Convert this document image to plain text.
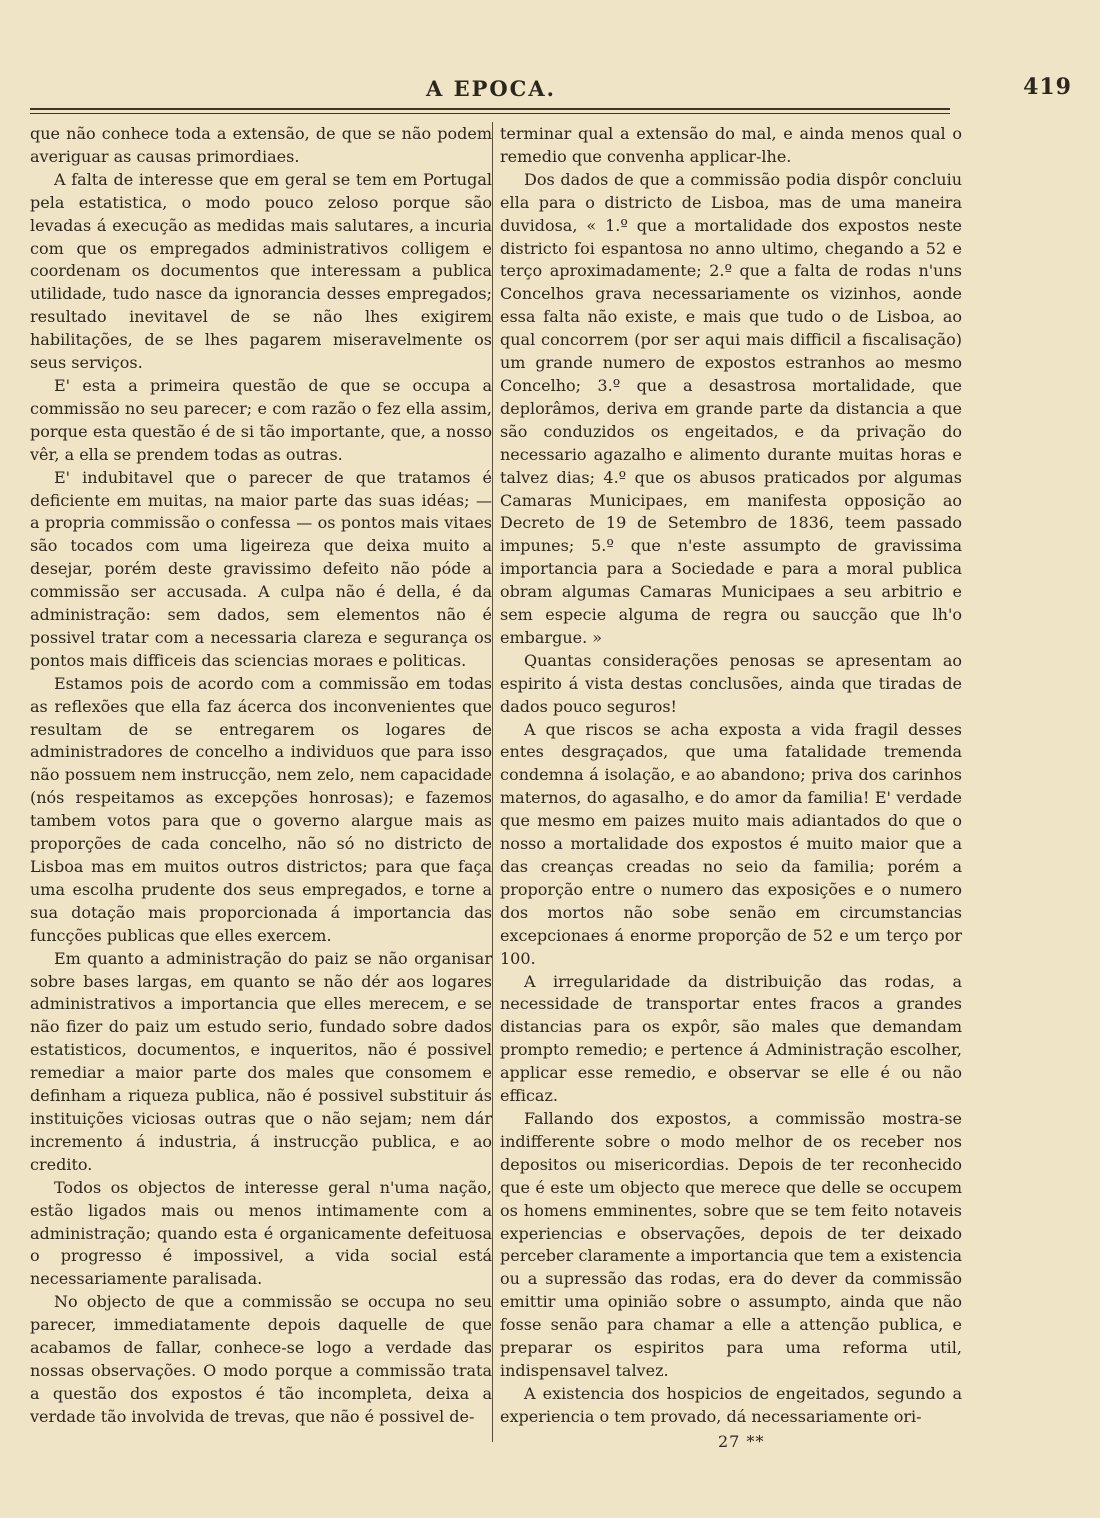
A EPOCA.	419

que não conhece toda a extensão, de que se não podem averiguar as causas primordiaes.

A falta de interesse que em geral se tem em Portugal pela estatistica, o modo pouco zeloso porque são levadas á execução as medidas mais salutares, a incuria com que os empregados administrativos colligem e coordenam os documentos que interessam a publica utilidade, tudo nasce da ignorancia desses empregados; resultado inevitavel de se não lhes exigirem habilitações, de se lhes pagarem miseravelmente os seus serviços.

E' esta a primeira questão de que se occupa a commissão no seu parecer; e com razão o fez ella assim, porque esta questão é de si tão importante, que, a nosso vêr, a ella se prendem todas as outras.

E' indubitavel que o parecer de que tratamos é deficiente em muitas, na maior parte das suas idéas; — a propria commissão o confessa — os pontos mais vitaes são tocados com uma ligeireza que deixa muito a desejar, porém deste gravissimo defeito não póde a commissão ser accusada. A culpa não é della, é da administração: sem dados, sem elementos não é possivel tratar com a necessaria clareza e segurança os pontos mais difficeis das sciencias moraes e politicas.

Estamos pois de acordo com a commissão em todas as reflexões que ella faz ácerca dos inconvenientes que resultam de se entregarem os logares de administradores de concelho a individuos que para isso não possuem nem instrucção, nem zelo, nem capacidade (nós respeitamos as excepções honrosas); e fazemos tambem votos para que o governo alargue mais as proporções de cada concelho, não só no districto de Lisboa mas em muitos outros districtos; para que faça uma escolha prudente dos seus empregados, e torne a sua dotação mais proporcionada á importancia das funcções publicas que elles exercem.

Em quanto a administração do paiz se não organisar sobre bases largas, em quanto se não dér aos logares administrativos a importancia que elles merecem, e se não fizer do paiz um estudo serio, fundado sobre dados estatisticos, documentos, e inqueritos, não é possivel remediar a maior parte dos males que consomem e definham a riqueza publica, não é possivel substituir ás instituições viciosas outras que o não sejam; nem dár incremento á industria, á instrucção publica, e ao credito.

Todos os objectos de interesse geral n'uma nação, estão ligados mais ou menos intimamente com a administração; quando esta é organicamente defeituosa o progresso é impossivel, a vida social está necessariamente paralisada.

No objecto de que a commissão se occupa no seu parecer, immediatamente depois daquelle de que acabamos de fallar, conhece-se logo a verdade das nossas observações. O modo porque a commissão trata a questão dos expostos é tão incompleta, deixa a verdade tão involvida de trevas, que não é possivel de-

terminar qual a extensão do mal, e ainda menos qual o remedio que convenha applicar-lhe.

Dos dados de que a commissão podia dispôr concluiu ella para o districto de Lisboa, mas de uma maneira duvidosa, « 1.º que a mortalidade dos expostos neste districto foi espantosa no anno ultimo, chegando a 52 e terço aproximadamente; 2.º que a falta de rodas n'uns Concelhos grava necessariamente os vizinhos, aonde essa falta não existe, e mais que tudo o de Lisboa, ao qual concorrem (por ser aqui mais difficil a fiscalisação) um grande numero de expostos estranhos ao mesmo Concelho; 3.º que a desastrosa mortalidade, que deplorâmos, deriva em grande parte da distancia a que são conduzidos os engeitados, e da privação do necessario agazalho e alimento durante muitas horas e talvez dias; 4.º que os abusos praticados por algumas Camaras Municipaes, em manifesta opposição ao Decreto de 19 de Setembro de 1836, teem passado impunes; 5.º que n'este assumpto de gravissima importancia para a Sociedade e para a moral publica obram algumas Camaras Municipaes a seu arbitrio e sem especie alguma de regra ou saucção que lh'o embargue. »

Quantas considerações penosas se apresentam ao espirito á vista destas conclusões, ainda que tiradas de dados pouco seguros!

A que riscos se acha exposta a vida fragil desses entes desgraçados, que uma fatalidade tremenda condemna á isolação, e ao abandono; priva dos carinhos maternos, do agasalho, e do amor da familia! E' verdade que mesmo em paizes muito mais adiantados do que o nosso a mortalidade dos expostos é muito maior que a das creanças creadas no seio da familia; porém a proporção entre o numero das exposições e o numero dos mortos não sobe senão em circumstancias excepcionaes á enorme proporção de 52 e um terço por 100.

A irregularidade da distribuição das rodas, a necessidade de transportar entes fracos a grandes distancias para os expôr, são males que demandam prompto remedio; e pertence á Administração escolher, applicar esse remedio, e observar se elle é ou não efficaz.

Fallando dos expostos, a commissão mostra-se indifferente sobre o modo melhor de os receber nos depositos ou misericordias. Depois de ter reconhecido que é este um objecto que merece que delle se occupem os homens emminentes, sobre que se tem feito notaveis experiencias e observações, depois de ter deixado perceber claramente a importancia que tem a existencia ou a supressão das rodas, era do dever da commissão emittir uma opinião sobre o assumpto, ainda que não fosse senão para chamar a elle a attenção publica, e preparar os espiritos para uma reforma util, indispensavel talvez.

A existencia dos hospicios de engeitados, segundo a experiencia o tem provado, dá necessariamente ori-

27 **
